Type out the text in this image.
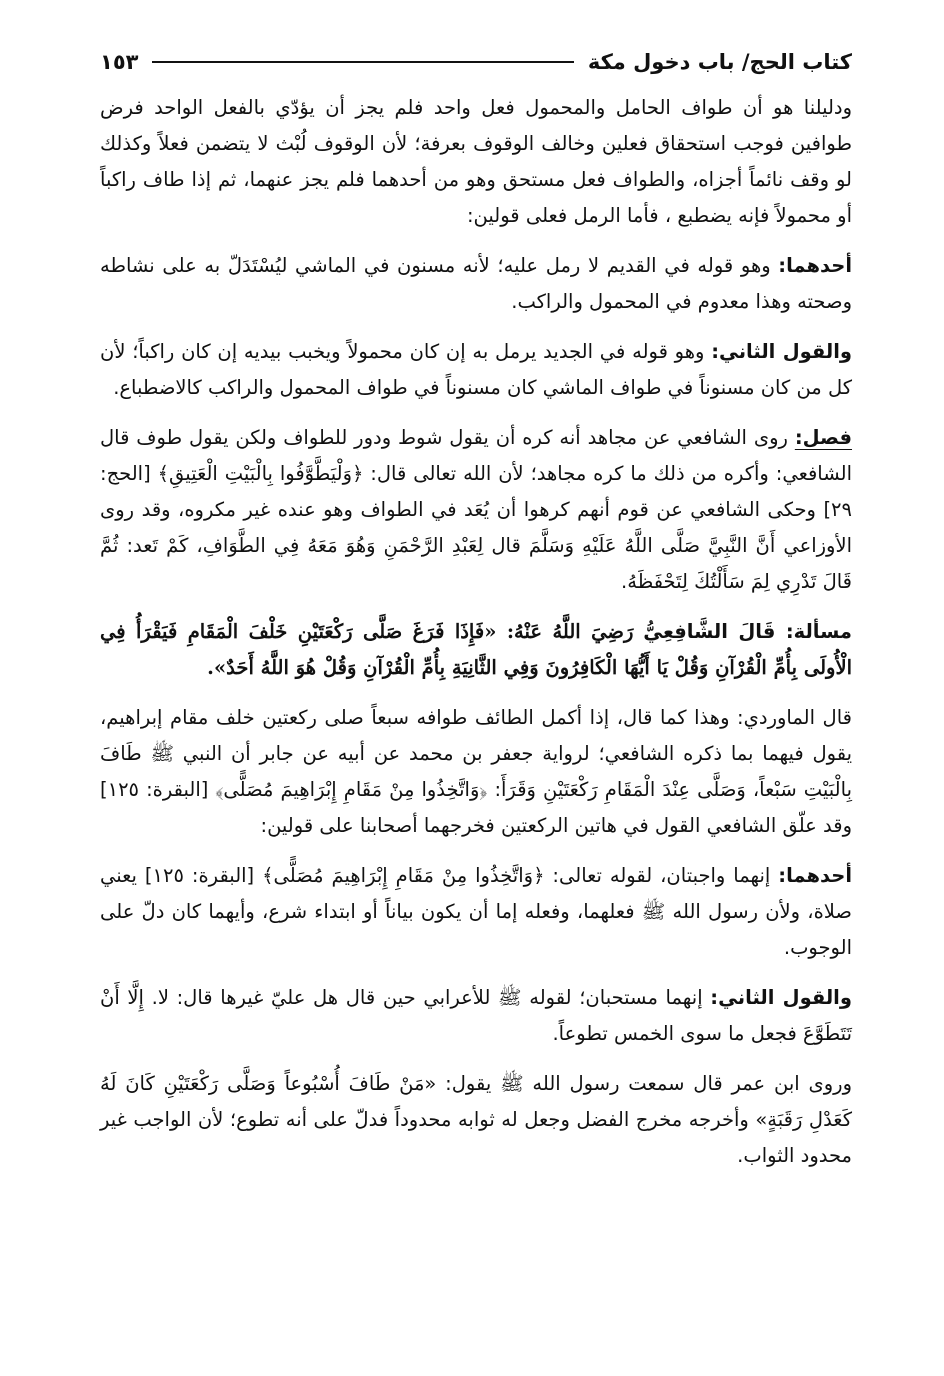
كتاب الحج/ باب دخول مكة
١٥٣

ودليلنا هو أن طواف الحامل والمحمول فعل واحد فلم يجز أن يؤدّي بالفعل الواحد فرض طوافين فوجب استحقاق فعلين وخالف الوقوف بعرفة؛ لأن الوقوف لُبْث لا يتضمن فعلاً وكذلك لو وقف نائماً أجزاه، والطواف فعل مستحق وهو من أحدهما فلم يجز عنهما، ثم إذا طاف راكباً أو محمولاً فإنه يضطبع ، فأما الرمل فعلى قولين:

أحدهما: وهو قوله في القديم لا رمل عليه؛ لأنه مسنون في الماشي ليُسْتَدَلّ به على نشاطه وصحته وهذا معدوم في المحمول والراكب.

والقول الثاني: وهو قوله في الجديد يرمل به إن كان محمولاً ويخبب بيديه إن كان راكباً؛ لأن كل من كان مسنوناً في طواف الماشي كان مسنوناً في طواف المحمول والراكب كالاضطباع.

فصل: روى الشافعي عن مجاهد أنه كره أن يقول شوط ودور للطواف ولكن يقول طوف قال الشافعي: وأكره من ذلك ما كره مجاهد؛ لأن الله تعالى قال: ﴿وَلْيَطَّوَّفُوا بِالْبَيْتِ الْعَتِيقِ﴾ [الحج: ٢٩] وحكى الشافعي عن قوم أنهم كرهوا أن يُعَد في الطواف وهو عنده غير مكروه، وقد روى الأوزاعي أَنَّ النَّبِيَّ صَلَّى اللَّهُ عَلَيْهِ وَسَلَّمَ قال لِعَبْدِ الرَّحْمَنِ وَهُوَ مَعَهُ فِي الطَّوَافِ، كَمْ تَعد: ثُمَّ قَالَ تَدْرِي لِمَ سَأَلْتُكَ لِتَحْفَظَهُ.

مسألة: قَالَ الشَّافِعِيُّ رَضِيَ اللَّهُ عَنْهُ: «فَإِذَا فَرَغَ صَلَّى رَكْعَتَيْنِ خَلْفَ الْمَقَامِ فَيَقْرَأُ فِي الْأُولَى بِأُمِّ الْقُرْآنِ وَقُلْ يَا أَيُّهَا الْكَافِرُونَ وَفِي الثَّانِيَةِ بِأُمِّ الْقُرْآنِ وَقُلْ هُوَ اللَّهُ أَحَدٌ».

قال الماوردي: وهذا كما قال، إذا أكمل الطائف طوافه سبعاً صلى ركعتين خلف مقام إبراهيم، يقول فيهما بما ذكره الشافعي؛ لرواية جعفر بن محمد عن أبيه عن جابر أن النبي ﷺ طَافَ بِالْبَيْتِ سَبْعاً، وَصَلَّى عِنْدَ الْمَقَامِ رَكْعَتَيْنِ وَقَرَأَ: ﴿وَاتَّخِذُوا مِنْ مَقَامِ إِبْرَاهِيمَ مُصَلًّى﴾ [البقرة: ١٢٥] وقد علّق الشافعي القول في هاتين الركعتين فخرجهما أصحابنا على قولين:

أحدهما: إنهما واجبتان، لقوله تعالى: ﴿وَاتَّخِذُوا مِنْ مَقَامِ إِبْرَاهِيمَ مُصَلًّى﴾ [البقرة: ١٢٥] يعني صلاة، ولأن رسول الله ﷺ فعلهما، وفعله إما أن يكون بياناً أو ابتداء شرع، وأيهما كان دلّ على الوجوب.

والقول الثاني: إنهما مستحبان؛ لقوله ﷺ للأعرابي حين قال هل عليّ غيرها قال: لا. إِلَّا أَنْ تَتَطَوَّعَ فجعل ما سوى الخمس تطوعاً.

وروى ابن عمر قال سمعت رسول الله ﷺ يقول: «مَنْ طَافَ أُسْبُوعاً وَصَلَّى رَكْعَتَيْنِ كَانَ لَهُ كَعَدْلِ رَقَبَةٍ» وأخرجه مخرج الفضل وجعل له ثوابه محدوداً فدلّ على أنه تطوع؛ لأن الواجب غير محدود الثواب.
